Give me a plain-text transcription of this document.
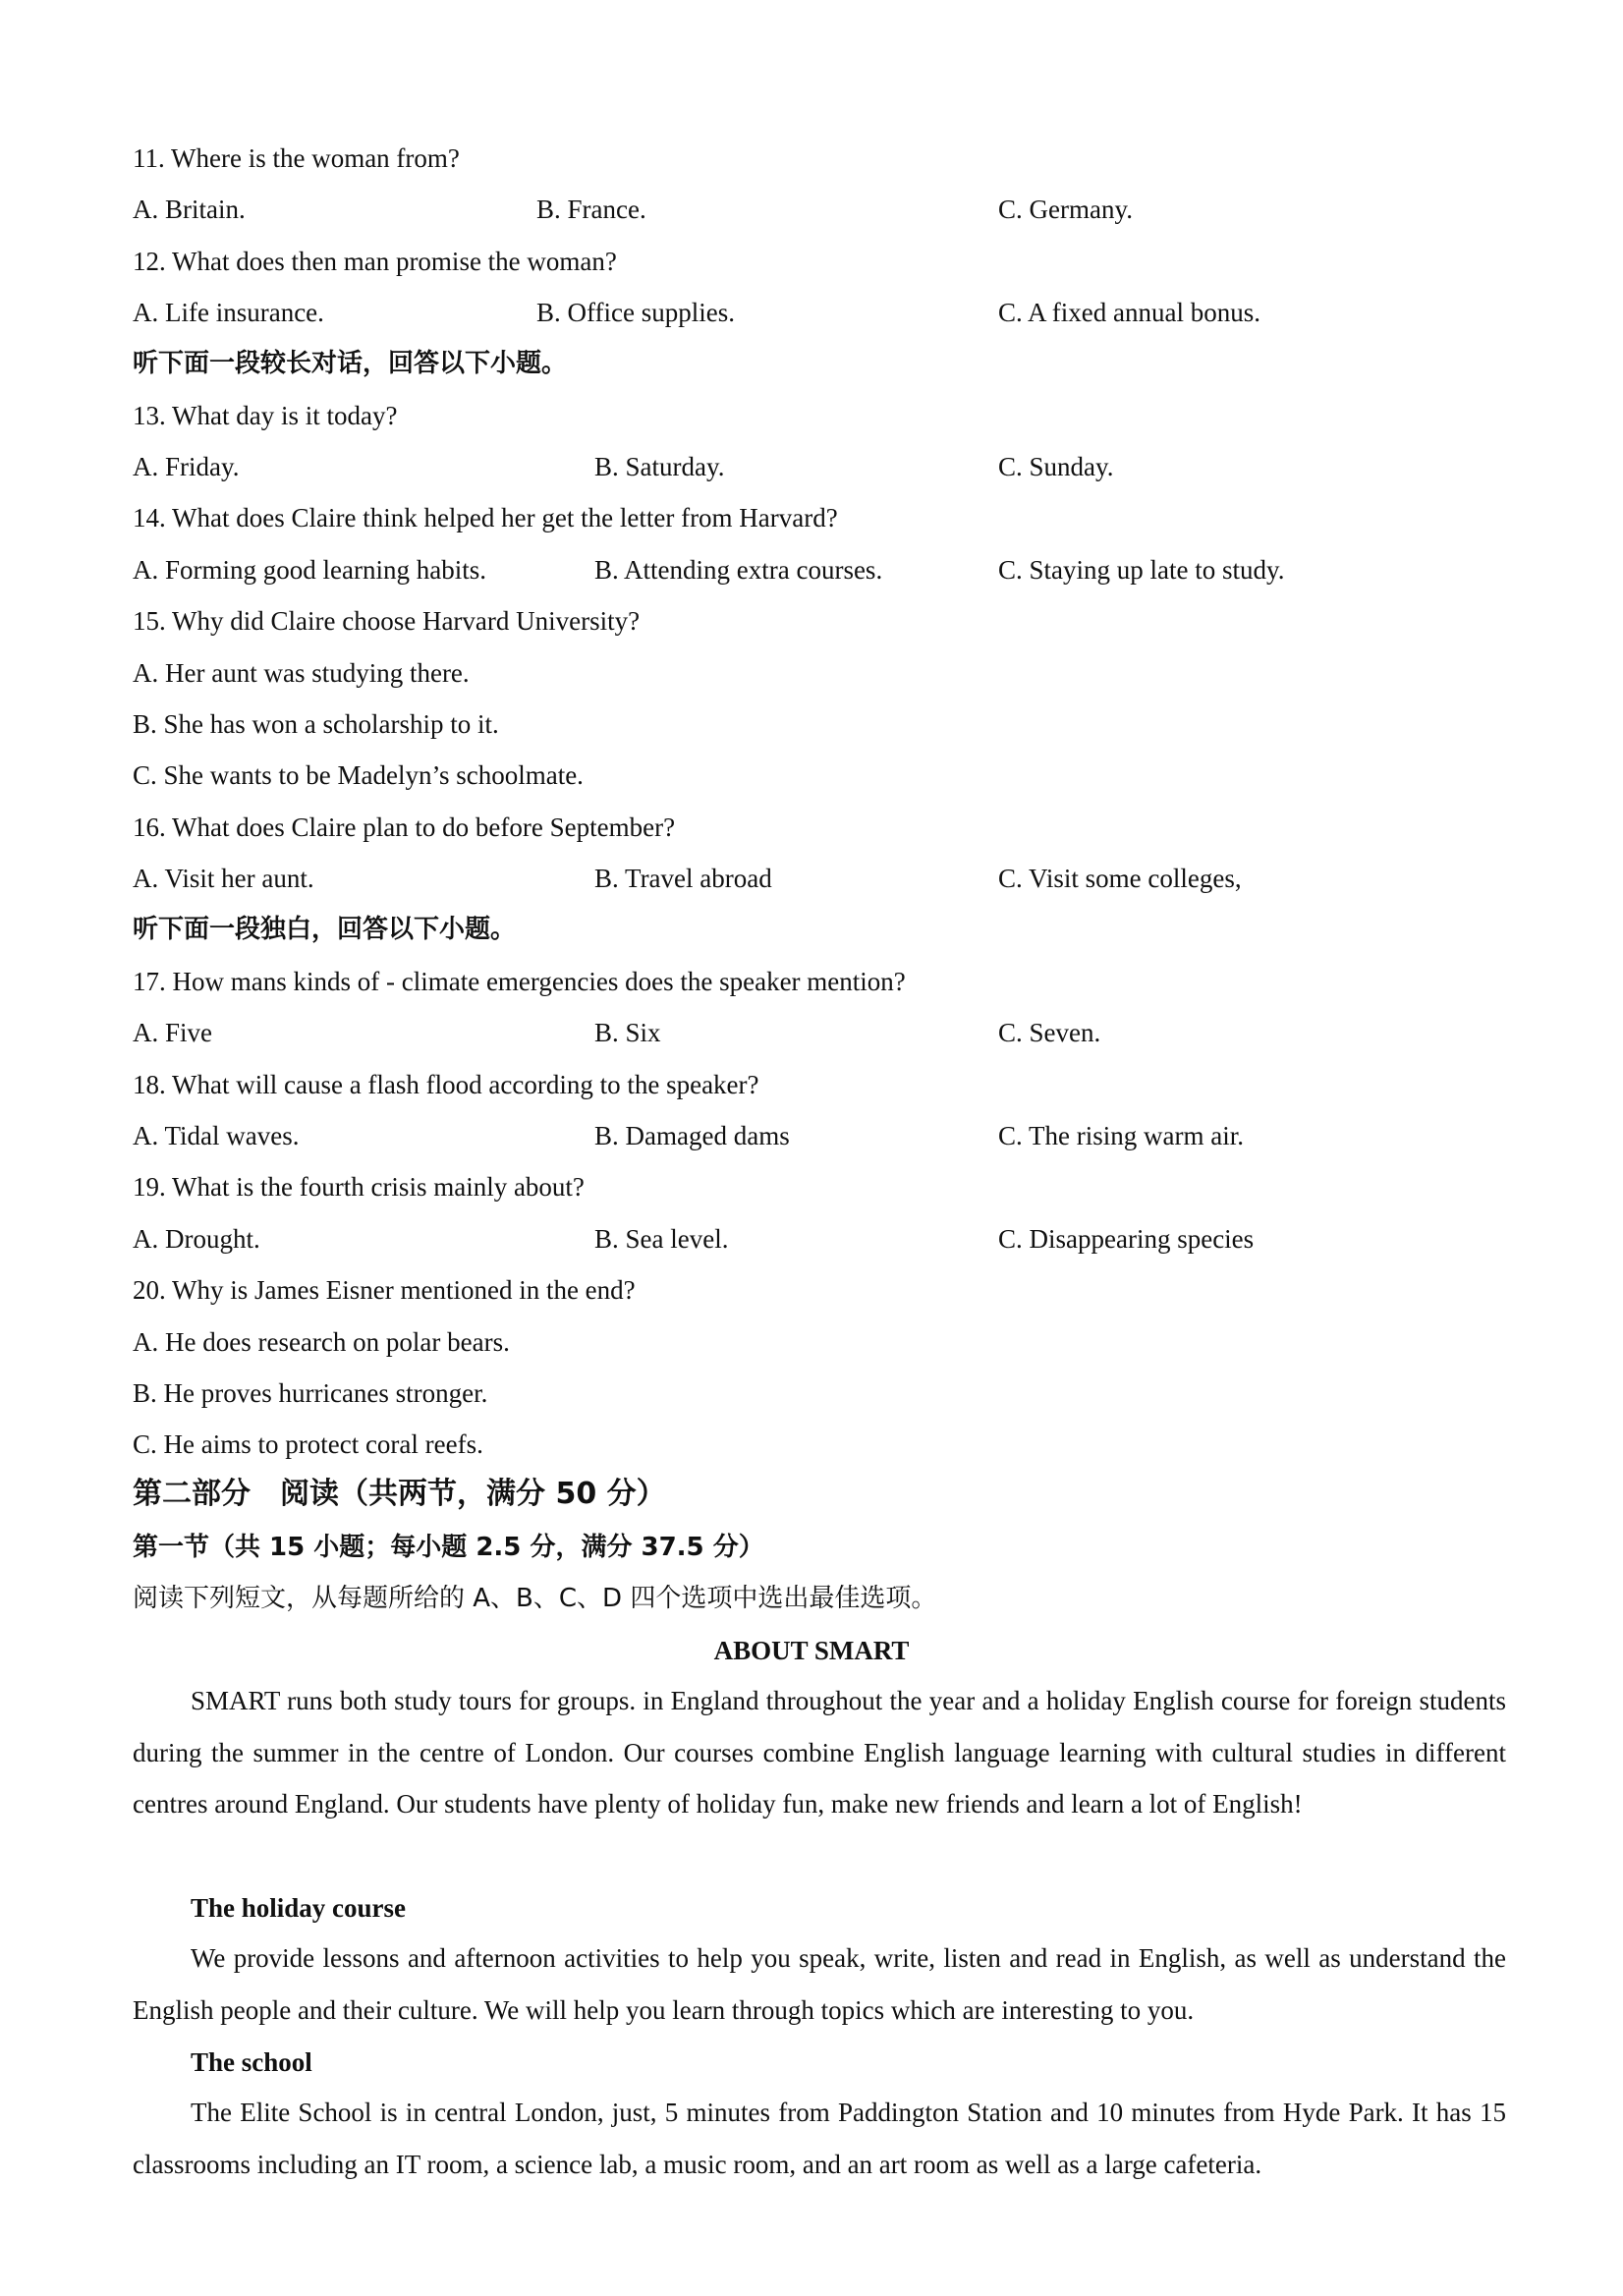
11. Where is the woman from?
A. Britain.	B. France.	C. Germany.
12. What does then man promise the woman?
A. Life insurance.	B. Office supplies.	C. A fixed annual bonus.
听下面一段较长对话，回答以下小题。
13. What day is it today?
A. Friday.	B. Saturday.	C. Sunday.
14. What does Claire think helped her get the letter from Harvard?
A. Forming good learning habits.	B. Attending extra courses.	C. Staying up late to study.
15. Why did Claire choose Harvard University?
A. Her aunt was studying there.
B. She has won a scholarship to it.
C. She wants to be Madelyn’s schoolmate.
16. What does Claire plan to do before September?
A. Visit her aunt.	B. Travel abroad	C. Visit some colleges,
听下面一段独白，回答以下小题。
17. How mans kinds of - climate emergencies does the speaker mention?
A. Five	B. Six	C. Seven.
18. What will cause a flash flood according to the speaker?
A. Tidal waves.	B. Damaged dams	C. The rising warm air.
19. What is the fourth crisis mainly about?
A. Drought.	B. Sea level.	C. Disappearing species
20. Why is James Eisner mentioned in the end?
A. He does research on polar bears.
B. He proves hurricanes stronger.
C. He aims to protect coral reefs.
第二部分　阅读（共两节，满分 50 分）
第一节（共 15 小题；每小题 2.5 分，满分 37.5 分）
阅读下列短文，从每题所给的 A、B、C、D 四个选项中选出最佳选项。
ABOUT SMART
SMART runs both study tours for groups. in England throughout the year and a holiday English course for foreign students during the summer in the centre of London. Our courses combine English language learning with cultural studies in different centres around England. Our students have plenty of holiday fun, make new friends and learn a lot of English!
The holiday course
We provide lessons and afternoon activities to help you speak, write, listen and read in English, as well as understand the English people and their culture. We will help you learn through topics which are interesting to you.
The school
The Elite School is in central London, just, 5 minutes from Paddington Station and 10 minutes from Hyde Park. It has 15 classrooms including an IT room, a science lab, a music room, and an art room as well as a large cafeteria.
